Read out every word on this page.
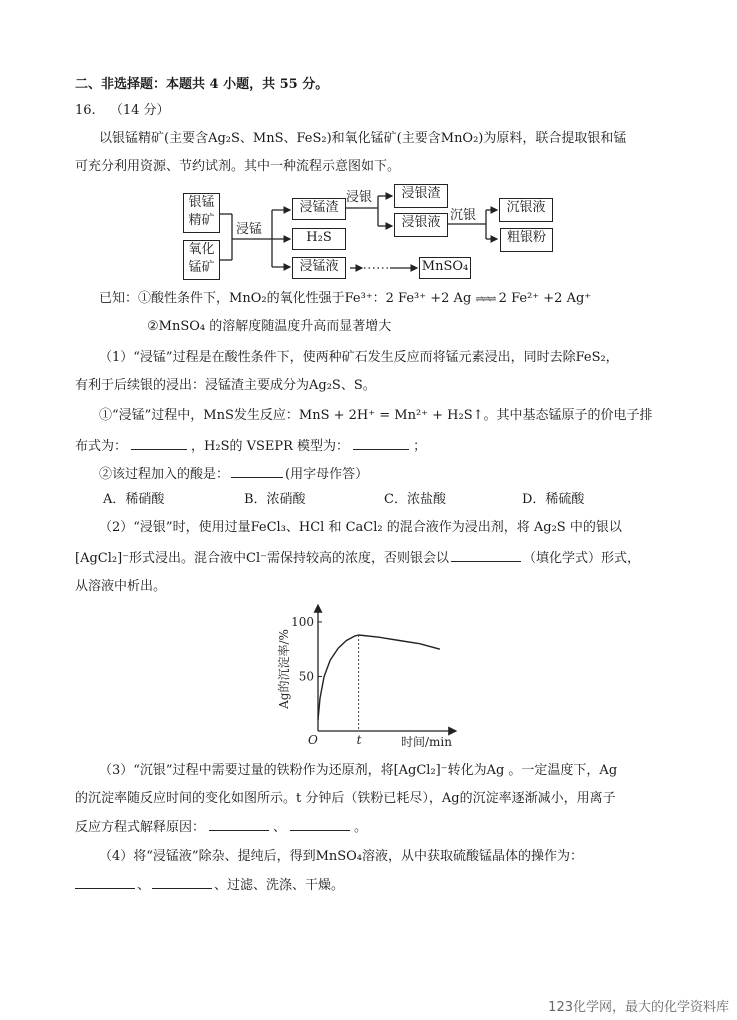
二、非选择题：本题共 4 小题，共 55 分。
16. （14 分）
以银锰精矿(主要含Ag₂S、MnS、FeS₂)和氧化锰矿(主要含MnO₂)为原料，联合提取银和锰
可充分利用资源、节约试剂。其中一种流程示意图如下。
银锰精矿
氧化锰矿
浸锰
浸锰渣
H₂S
浸锰液
浸银	浸银渣
浸银液 沉银
沉银液
粗银粉
MnSO₄
已知：①酸性条件下，MnO₂的氧化性强于Fe³⁺：2 Fe³⁺ +2 Ag ⇌⇌⇌ 2 Fe²⁺ +2 Ag⁺
②MnSO₄ 的溶解度随温度升高而显著增大
（1）“浸锰”过程是在酸性条件下，使两种矿石发生反应而将锰元素浸出，同时去除FeS₂，
有利于后续银的浸出：浸锰渣主要成分为Ag₂S、S。
①“浸锰”过程中，MnS发生反应：MnS + 2H⁺ = Mn²⁺ + H₂S↑。其中基态锰原子的价电子排
布式为：	，H₂S的 VSEPR 模型为：	；
②该过程加入的酸是：	(用字母作答）
A．稀硝酸	B．浓硝酸	C．浓盐酸	D．稀硫酸
（2）“浸银”时，使用过量FeCl₃、HCl 和 CaCl₂ 的混合液作为浸出剂，将 Ag₂S 中的银以
[AgCl₂]⁻形式浸出。混合液中Cl⁻需保持较高的浓度，否则银会以	（填化学式）形式，
从溶液中析出。
50
100
t
O	时间/min
Ag的沉淀率/%
（3）“沉银”过程中需要过量的铁粉作为还原剂，将[AgCl₂]⁻转化为Ag 。一定温度下，Ag
的沉淀率随反应时间的变化如图所示。t 分钟后（铁粉已耗尽），Ag的沉淀率逐渐减小，用离子
反应方程式解释原因：	、	。
（4）将“浸锰液”除杂、提纯后，得到MnSO₄溶液，从中获取硫酸锰晶体的操作为：
、	、过滤、洗涤、干燥。
123化学网，最大的化学资料库
